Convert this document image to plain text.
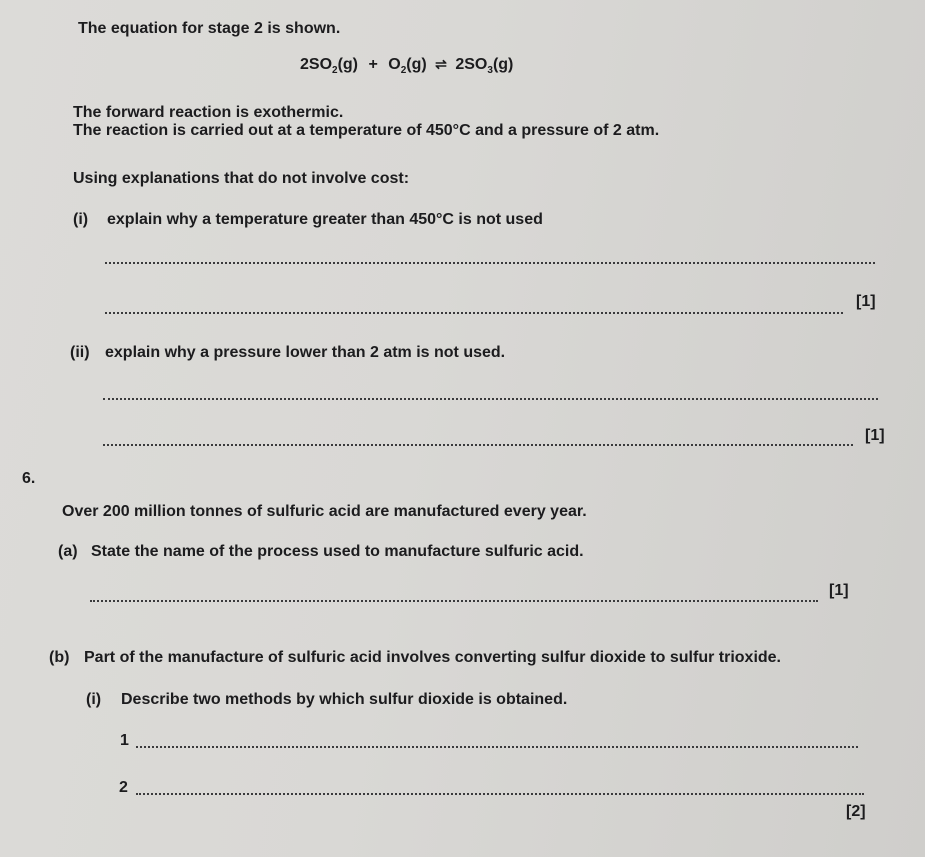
The equation for stage 2 is shown.
$2SO_2(g) + O_2(g)$ ⇌ $2SO_3(g)$
The forward reaction is exothermic.
The reaction is carried out at a temperature of 450°C and a pressure of 2 atm.
Using explanations that do not involve cost:
(i) explain why a temperature greater than 450°C is not used
[1]
(ii) explain why a pressure lower than 2 atm is not used.
[1]
6.
Over 200 million tonnes of sulfuric acid are manufactured every year.
(a) State the name of the process used to manufacture sulfuric acid.
[1]
(b) Part of the manufacture of sulfuric acid involves converting sulfur dioxide to sulfur trioxide.
(i) Describe two methods by which sulfur dioxide is obtained.
1
2
[2]
